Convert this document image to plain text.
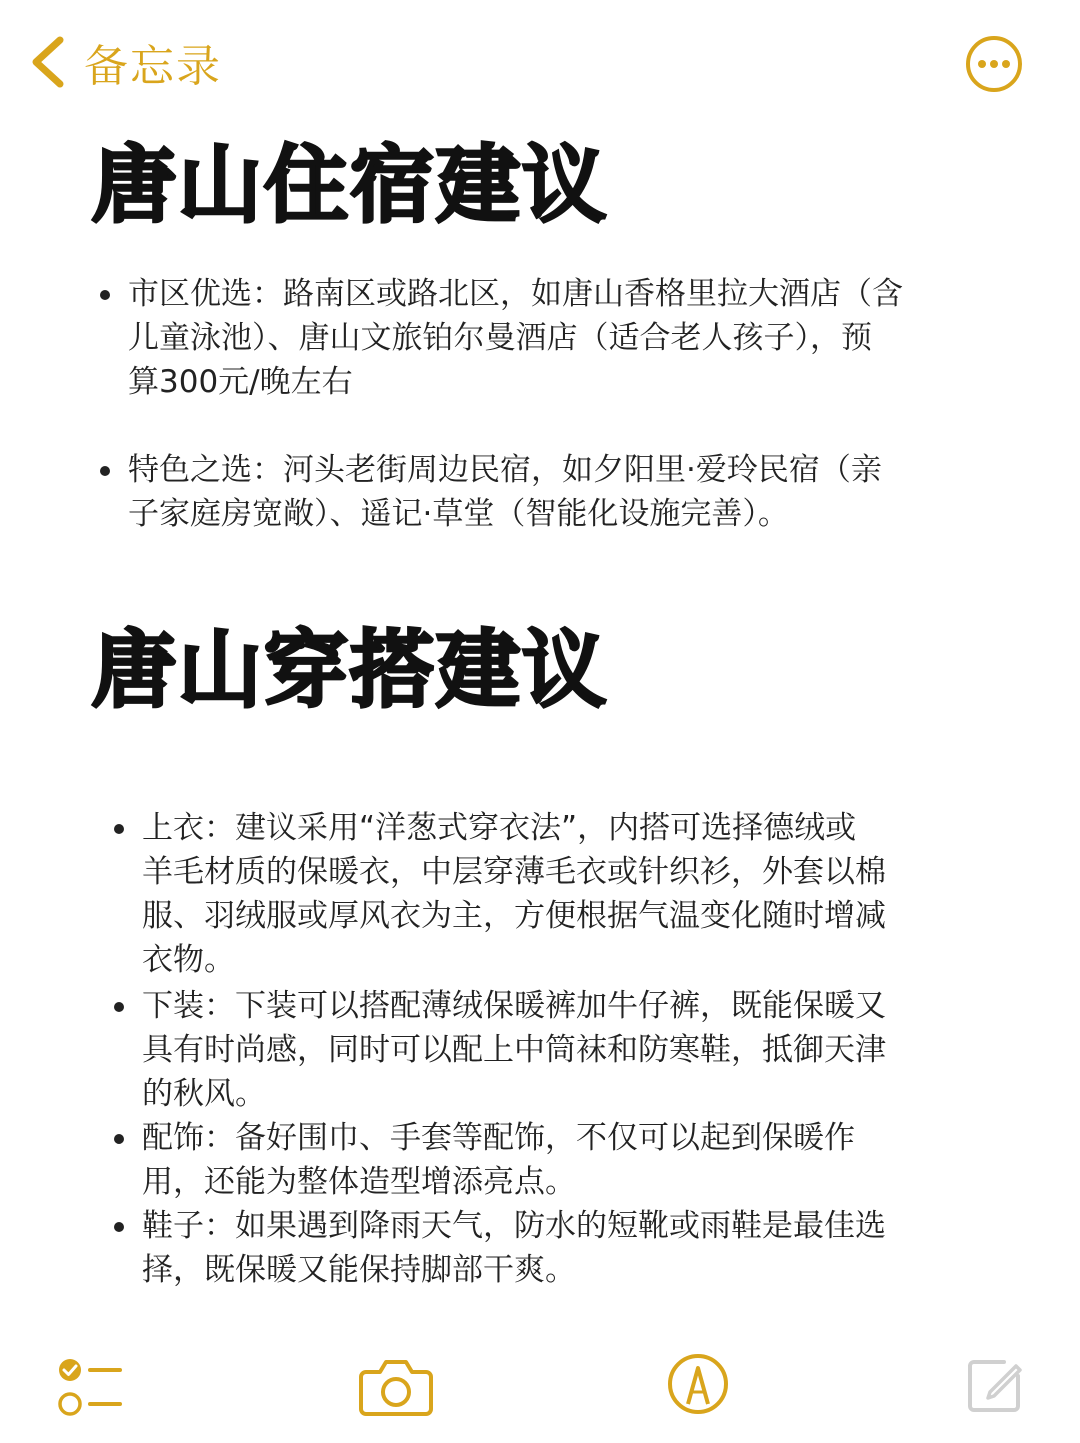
备忘录
唐山住宿建议
市区优选：路南区或路北区，如唐山香格里拉大酒店（含
儿童泳池）、唐山文旅铂尔曼酒店（适合老人孩子），预
算300元/晚左右
特色之选：河头老街周边民宿，如夕阳里·爱玲民宿（亲
子家庭房宽敞）、遥记·草堂（智能化设施完善）。
唐山穿搭建议
上衣：建议采用“洋葱式穿衣法”，内搭可选择德绒或
羊毛材质的保暖衣，中层穿薄毛衣或针织衫，外套以棉
服、羽绒服或厚风衣为主，方便根据气温变化随时增减
衣物。
下装：下装可以搭配薄绒保暖裤加牛仔裤，既能保暖又
具有时尚感，同时可以配上中筒袜和防寒鞋，抵御天津
的秋风。
配饰：备好围巾、手套等配饰，不仅可以起到保暖作
用，还能为整体造型增添亮点。
鞋子：如果遇到降雨天气，防水的短靴或雨鞋是最佳选
择，既保暖又能保持脚部干爽。
